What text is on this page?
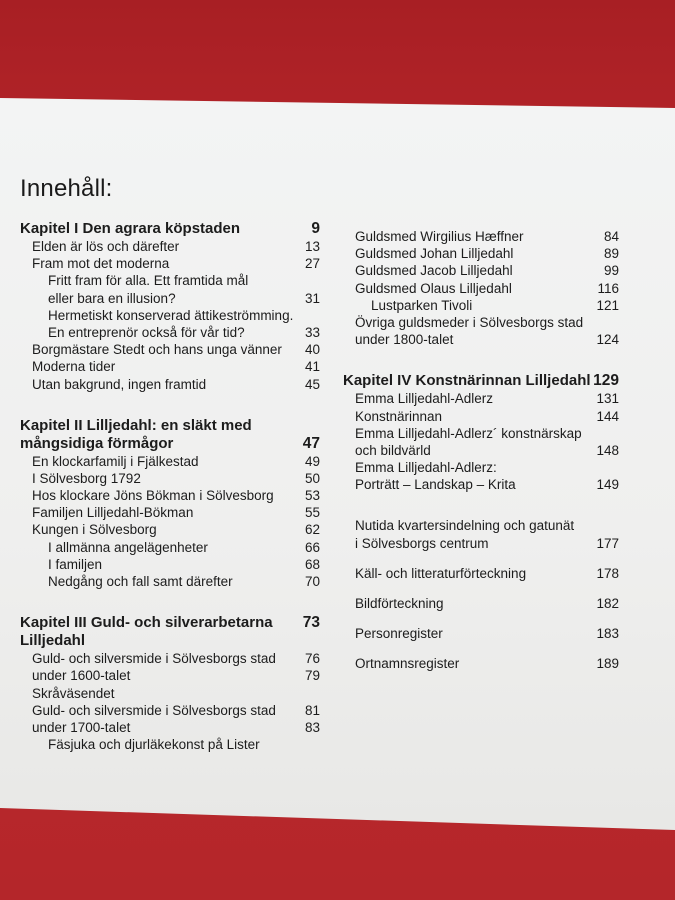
Innehåll:
Kapitel I Den agrara köpstaden	9
Elden är lös och därefter	13
Fram mot det moderna	27
Fritt fram för alla. Ett framtida mål
eller bara en illusion?	31
Hermetiskt konserverad ättikeströmming.
En entreprenör också för vår tid?	33
Borgmästare Stedt och hans unga vänner 40
Moderna tider	41
Utan bakgrund, ingen framtid	45
Kapitel II Lilljedahl: en släkt med
mångsidiga förmågor	47
En klockarfamilj i Fjälkestad	49
I Sölvesborg 1792	50
Hos klockare Jöns Bökman i Sölvesborg 53
Familjen Lilljedahl-Bökman	55
Kungen i Sölvesborg	62
I allmänna angelägenheter	66
I familjen	68
Nedgång och fall samt därefter	70
Kapitel III Guld- och silverarbetarna 73
Lilljedahl
Guld- och silversmide i Sölvesborgs stad 76
under 1600-talet	79
Skråväsendet
Guld- och silversmide i Sölvesborgs stad 81
under 1700-talet	83
Fäsjuka och djurläkekonst på Lister
Guldsmed Wirgilius Hæffner	84
Guldsmed Johan Lilljedahl	89
Guldsmed Jacob Lilljedahl	99
Guldsmed Olaus Lilljedahl	116
Lustparken Tivoli	121
Övriga guldsmeder i Sölvesborgs stad
under 1800-talet	124
Kapitel IV Konstnärinnan Lilljedahl 129
Emma Lilljedahl-Adlerz	131
Konstnärinnan	144
Emma Lilljedahl-Adlerz´ konstnärskap
och bildvärld	148
Emma Lilljedahl-Adlerz:
Porträtt – Landskap – Krita	149
Nutida kvartersindelning och gatunät
i Sölvesborgs centrum	177
Käll- och litteraturförteckning	178
Bildförteckning	182
Personregister	183
Ortnamnsregister	189
